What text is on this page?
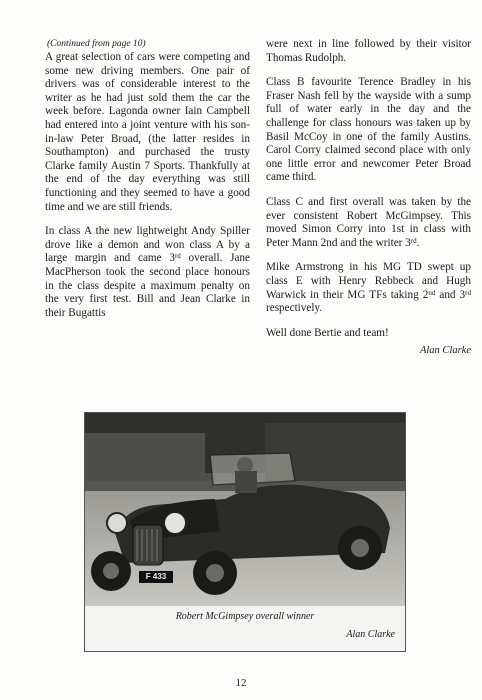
(Continued from page 10)

A great selection of cars were competing and some new driving members. One pair of drivers was of considerable interest to the writer as he had just sold them the car the week before. Lagonda owner Iain Campbell had entered into a joint venture with his son-in-law Peter Broad, (the latter resides in Southampton) and purchased the trusty Clarke family Austin 7 Sports. Thankfully at the end of the day everything was still functioning and they seemed to have a good time and we are still friends.

In class A the new lightweight Andy Spiller drove like a demon and won class A by a large margin and came 3rd overall. Jane MacPherson took the second place honours in the class despite a maximum penalty on the very first test. Bill and Jean Clarke in their Bugattis

were next in line followed by their visitor Thomas Rudolph.

Class B favourite Terence Bradley in his Fraser Nash fell by the wayside with a sump full of water early in the day and the challenge for class honours was taken up by Basil McCoy in one of the family Austins. Carol Corry claimed second place with only one little error and newcomer Peter Broad came third.

Class C and first overall was taken by the ever consistent Robert McGimpsey. This moved Simon Corry into 1st in class with Peter Mann 2nd and the writer 3rd.

Mike Armstrong in his MG TD swept up class E with Henry Rebbeck and Hugh Warwick in their MG TFs taking 2nd and 3rd respectively.

Well done Bertie and team!

Alan Clarke
F 433
Robert McGimpsey overall winner
Alan Clarke
12
